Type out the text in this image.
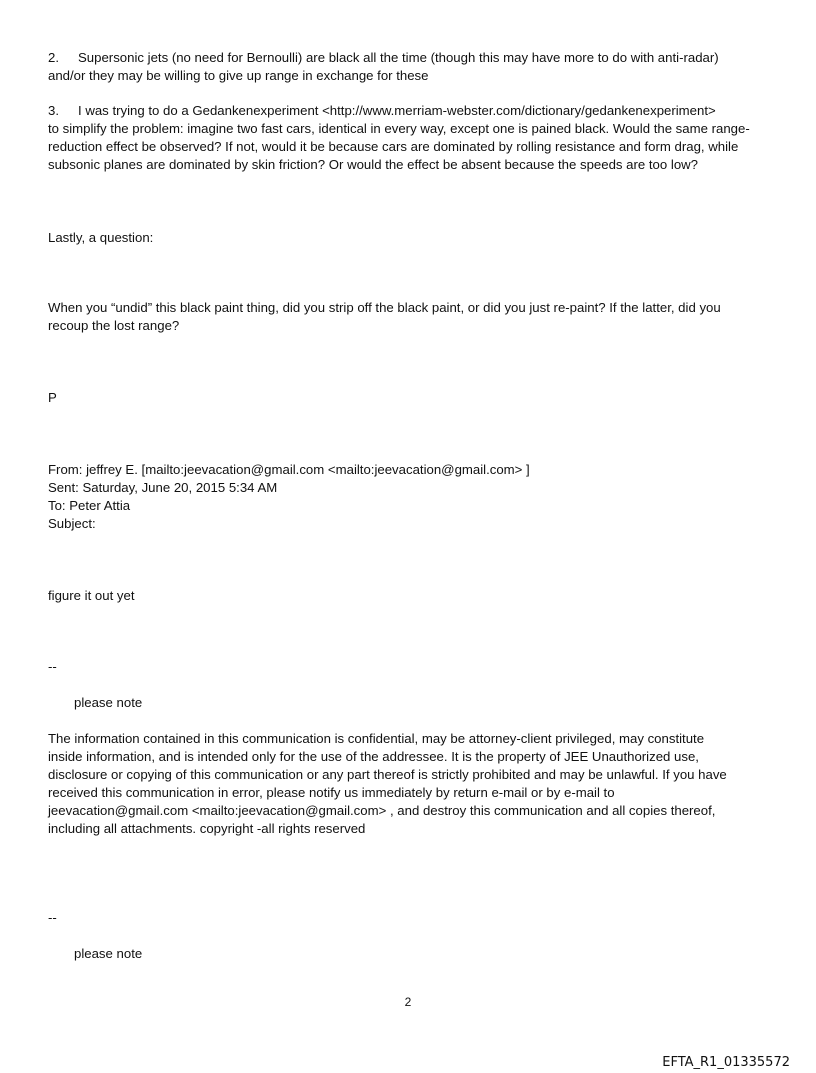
2. Supersonic jets (no need for Bernoulli) are black all the time (though this may have more to do with anti-radar)
and/or they may be willing to give up range in exchange for these
3. I was trying to do a Gedankenexperiment <http://www.merriam-webster.com/dictionary/gedankenexperiment>
to simplify the problem: imagine two fast cars, identical in every way, except one is pained black. Would the same range-
reduction effect be observed? If not, would it be because cars are dominated by rolling resistance and form drag, while
subsonic planes are dominated by skin friction? Or would the effect be absent because the speeds are too low?
Lastly, a question:
When you “undid” this black paint thing, did you strip off the black paint, or did you just re-paint? If the latter, did you
recoup the lost range?
P
From: jeffrey E. [mailto:jeevacation@gmail.com <mailto:jeevacation@gmail.com> ]
Sent: Saturday, June 20, 2015 5:34 AM
To: Peter Attia
Subject:
figure it out yet
--
please note
The information contained in this communication is confidential, may be attorney-client privileged, may constitute
inside information, and is intended only for the use of the addressee. It is the property of JEE Unauthorized use,
disclosure or copying of this communication or any part thereof is strictly prohibited and may be unlawful. If you have
received this communication in error, please notify us immediately by return e-mail or by e-mail to
jeevacation@gmail.com <mailto:jeevacation@gmail.com> , and destroy this communication and all copies thereof,
including all attachments. copyright -all rights reserved
--
please note
2
EFTA_R1_01335572
